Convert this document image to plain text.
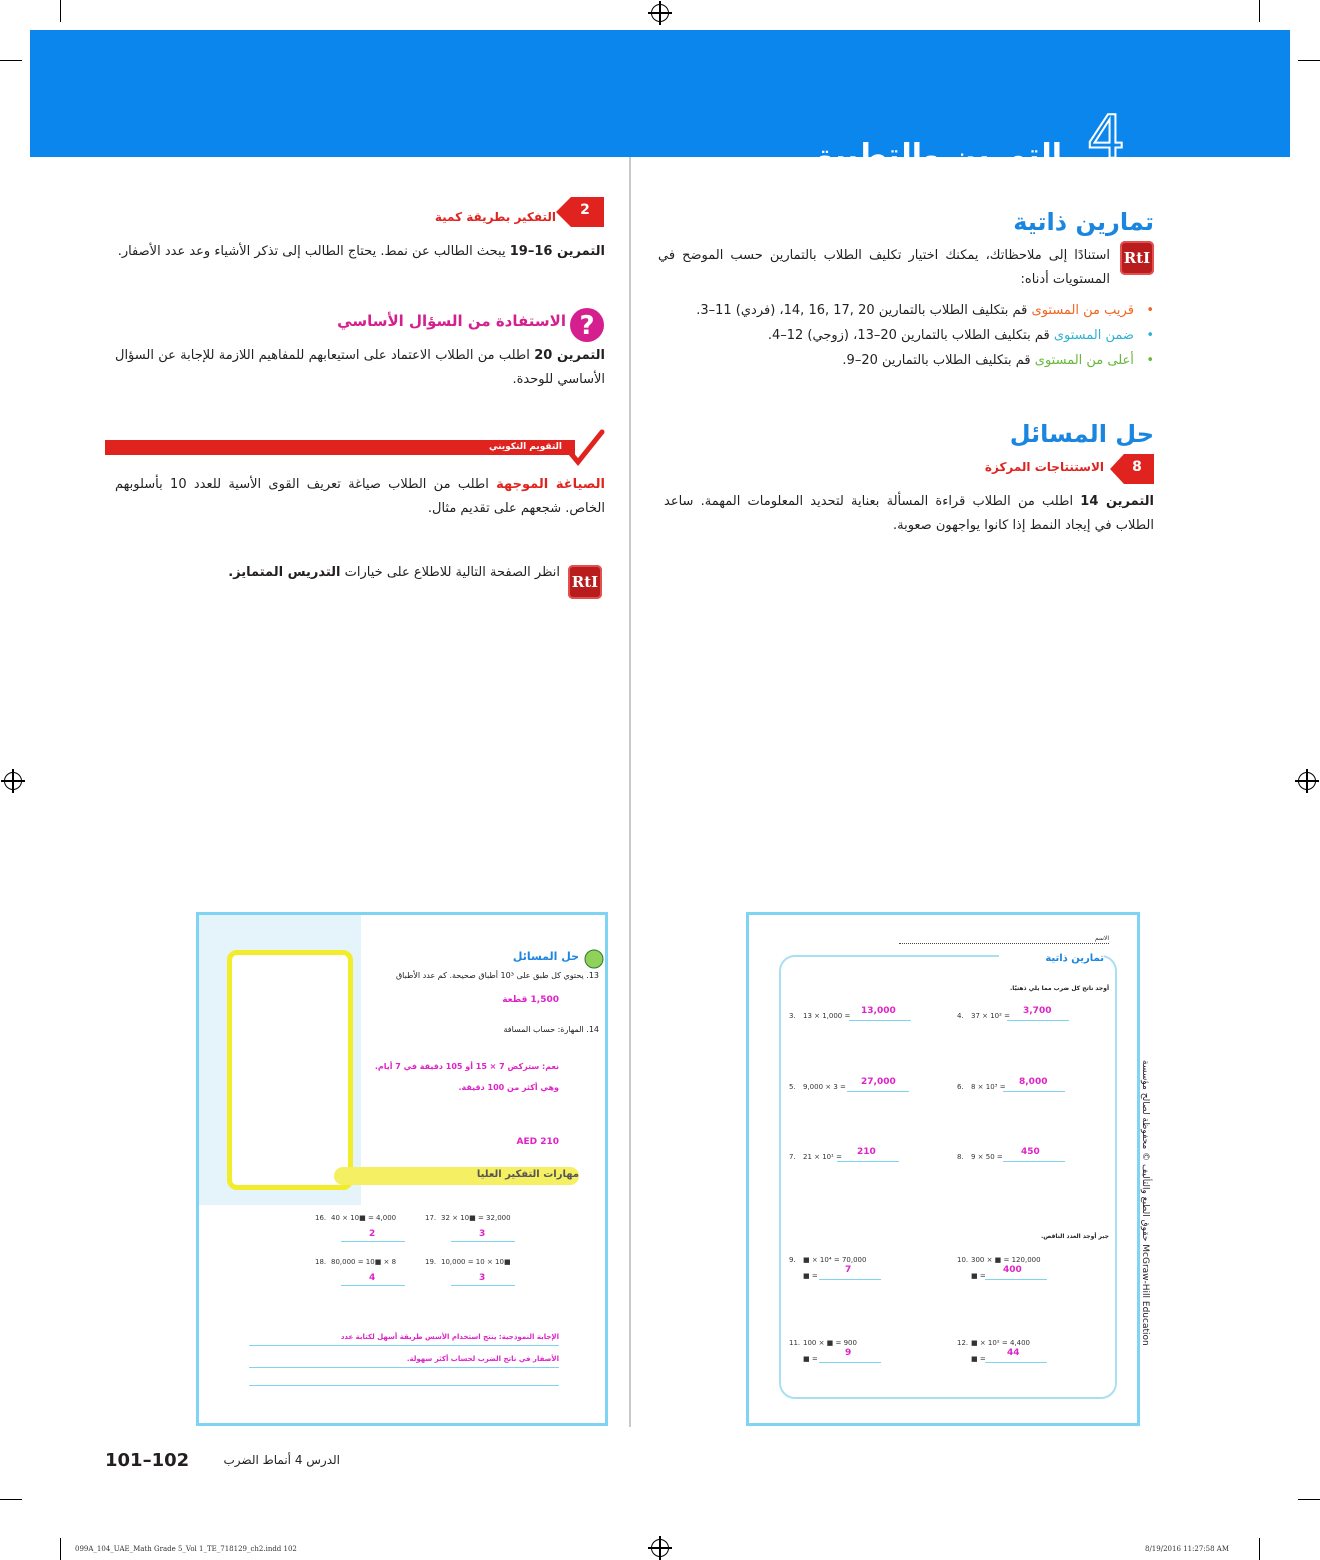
4
التمرين والتطبيق
تمارين ذاتية
RtI
استنادًا إلى ملاحظاتك، يمكنك اختيار تكليف الطلاب بالتمارين حسب الموضح في المستويات أدناه:
•   قريب من المستوى قم بتكليف الطلاب بالتمارين 20 ,17 ,16 ,14، (فردي) 11–3.
•   ضمن المستوى قم بتكليف الطلاب بالتمارين 20–13، (زوجي) 12–4.
•   أعلى من المستوى قم بتكليف الطلاب بالتمارين 20–9.
حل المسائل
8
الاستنتاجات المركزة
التمرين 14 اطلب من الطلاب قراءة المسألة بعناية لتحديد المعلومات المهمة. ساعد الطلاب في إيجاد النمط إذا كانوا يواجهون صعوبة.
2
التفكير بطريقة كمية
التمرين 16–19 يبحث الطالب عن نمط. يحتاج الطالب إلى تذكر الأشياء وعد عدد الأصفار.
?
الاستفادة من السؤال الأساسي
التمرين 20 اطلب من الطلاب الاعتماد على استيعابهم للمفاهيم اللازمة للإجابة عن السؤال الأساسي للوحدة.
التقويم التكويني
الصياغة الموجهة اطلب من الطلاب صياغة تعريف القوى الأسية للعدد 10 بأسلوبهم الخاص. شجعهم على تقديم مثال.
RtI
انظر الصفحة التالية للاطلاع على خيارات التدريس المتمايز.
حل المسائل
13. يحتوي كل طبق على 10³ أطباق صحيحة. كم عدد الأطباق
1,500 قطعة
14. المهارة: حساب المسافة
نعم: ستركض 7 × 15 أو 105 دقيقة في 7 أيام.
وهي أكثر من 100 دقيقة.
AED 210
مهارات التفكير العليا
16. 40 × 10■ = 4,000
2
17. 32 × 10■ = 32,000
3
18. 80,000 = 10■ × 8
4
19. 10,000 = 10 × 10■
3
الإجابة النموذجية: ينتج استخدام الأسس طريقة أسهل لكتابة عدد
الأصفار في ناتج الضرب لحساب أكثر سهولة.
الاسم
تمارين ذاتية
أوجد ناتج كل ضرب مما يلي ذهنيًا.
3. 13 × 1,000 = 13,000	4. 37 × 10² = 3,700
5. 9,000 × 3 = 27,000	6. 8 × 10³ = 8,000
7. 21 × 10¹ = 210	8. 9 × 50 = 450
جبر أوجد العدد الناقص.
9. ■ × 10⁴ = 70,000
■ =
7
10. 300 × ■ = 120,000
■ =
400
11. 100 × ■ = 900
■ =
9
12. ■ × 10² = 4,400
■ =
44
حقوق الطبع والتأليف © محفوظة لصالح مؤسسة McGraw-Hill Education
101–102	الدرس 4 أنماط الضرب
099A_104_UAE_Math Grade 5_Vol 1_TE_718129_ch2.indd 102	8/19/2016 11:27:58 AM
